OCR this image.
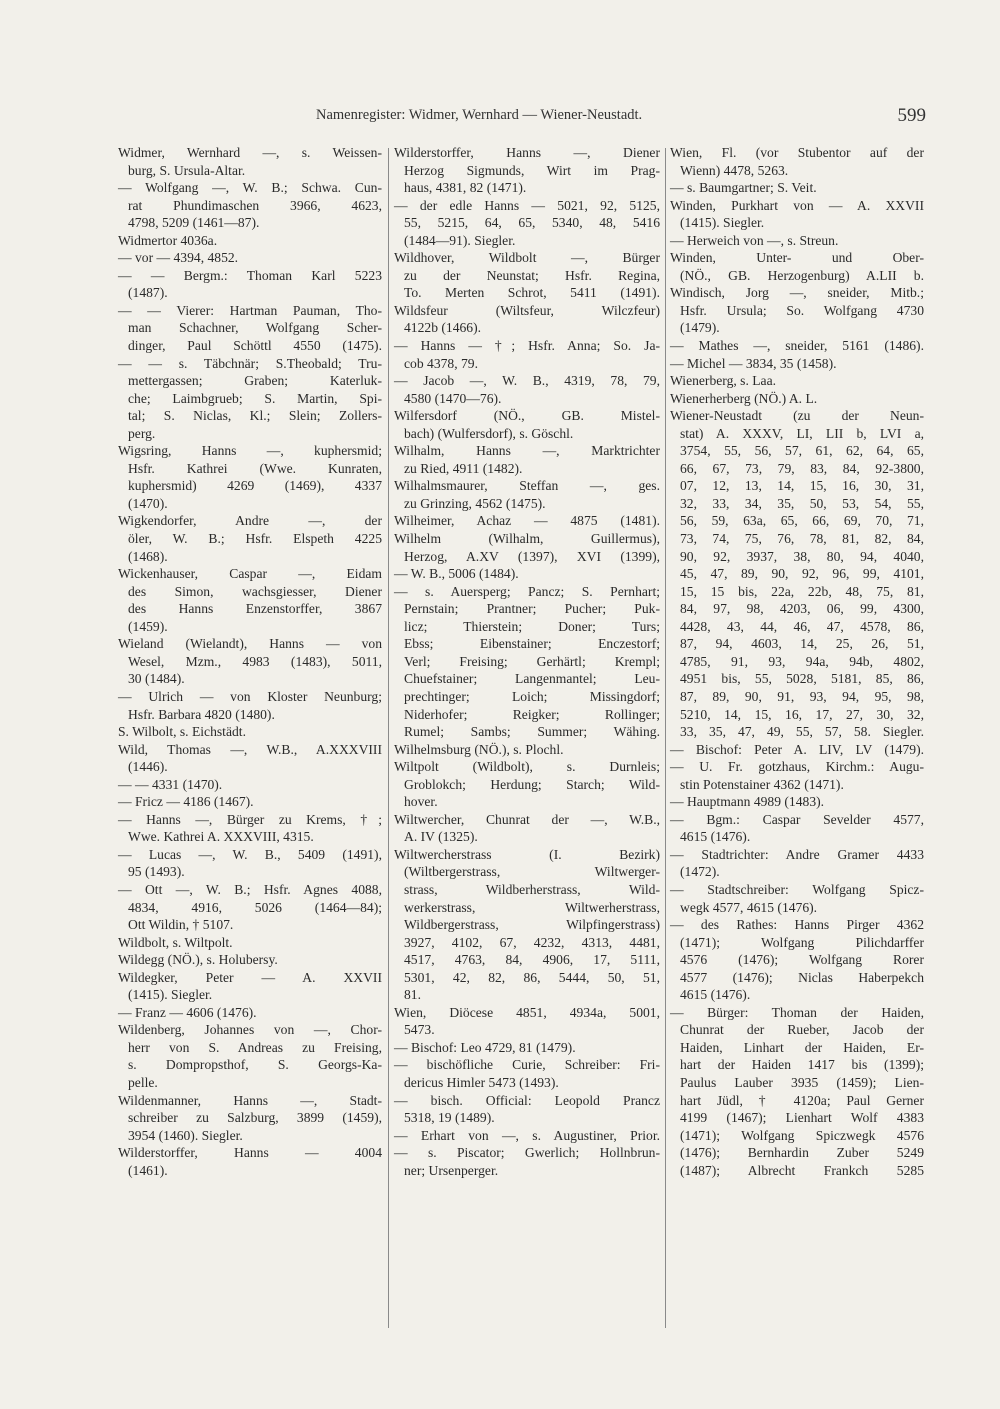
Namenregister: Widmer, Wernhard — Wiener-Neustadt.	599
Widmer, Wernhard —, s. Weissen-
burg, S. Ursula-Altar.
— Wolfgang —, W. B.; Schwa. Cun-
rat Phundimaschen 3966, 4623,
4798, 5209 (1461—87).
Widmertor 4036a.
— vor — 4394, 4852.
— — Bergm.: Thoman Karl 5223
(1487).
— — Vierer: Hartman Pauman, Tho-
man Schachner, Wolfgang Scher-
dinger, Paul Schöttl 4550 (1475).
— — s. Täbchnär; S.Theobald; Tru-
mettergassen; Graben; Katerluk-
che; Laimbgrueb; S. Martin, Spi-
tal; S. Niclas, Kl.; Slein; Zollers-
perg.
Wigsring, Hanns —, kuphersmid;
Hsfr. Kathrei (Wwe. Kunraten,
kuphersmid) 4269 (1469), 4337
(1470).
Wigkendorfer, Andre —, der
öler, W. B.; Hsfr. Elspeth 4225
(1468).
Wickenhauser, Caspar —, Eidam
des Simon, wachsgiesser, Diener
des Hanns Enzenstorffer, 3867
(1459).
Wieland (Wielandt), Hanns — von
Wesel, Mzm., 4983 (1483), 5011,
30 (1484).
— Ulrich — von Kloster Neunburg;
Hsfr. Barbara 4820 (1480).
S. Wilbolt, s. Eichstädt.
Wild, Thomas —, W.B., A.XXXVIII
(1446).
— — 4331 (1470).
— Fricz — 4186 (1467).
— Hanns —, Bürger zu Krems, †;
Wwe. Kathrei A. XXXVIII, 4315.
— Lucas —, W. B., 5409 (1491),
95 (1493).
— Ott —, W. B.; Hsfr. Agnes 4088,
4834, 4916, 5026 (1464—84);
Ott Wildin, † 5107.
Wildbolt, s. Wiltpolt.
Wildegg (NÖ.), s. Holubersy.
Wildegker, Peter — A. XXVII
(1415). Siegler.
— Franz — 4606 (1476).
Wildenberg, Johannes von —, Chor-
herr von S. Andreas zu Freising,
s. Dompropsthof, S. Georgs-Ka-
pelle.
Wildenmanner, Hanns —, Stadt-
schreiber zu Salzburg, 3899 (1459),
3954 (1460). Siegler.
Wilderstorffer, Hanns — 4004
(1461).
Wilderstorffer, Hanns —, Diener
Herzog Sigmunds, Wirt im Prag-
haus, 4381, 82 (1471).
— der edle Hanns — 5021, 92, 5125,
55, 5215, 64, 65, 5340, 48, 5416
(1484—91). Siegler.
Wildhover, Wildbolt —, Bürger
zu der Neunstat; Hsfr. Regina,
To. Merten Schrot, 5411 (1491).
Wildsfeur (Wiltsfeur, Wilczfeur)
4122b (1466).
— Hanns — †; Hsfr. Anna; So. Ja-
cob 4378, 79.
— Jacob —, W. B., 4319, 78, 79,
4580 (1470—76).
Wilfersdorf (NÖ., GB. Mistel-
bach) (Wulfersdorf), s. Göschl.
Wilhalm, Hanns —, Marktrichter
zu Ried, 4911 (1482).
Wilhalmsmaurer, Steffan —, ges.
zu Grinzing, 4562 (1475).
Wilheimer, Achaz — 4875 (1481).
Wilhelm (Wilhalm, Guillermus),
Herzog, A.XV (1397), XVI (1399),
— W. B., 5006 (1484).
— s. Auersperg; Pancz; S. Pernhart;
Pernstain; Prantner; Pucher; Puk-
licz; Thierstein; Doner; Turs;
Ebss; Eibenstainer; Enczestorf;
Verl; Freising; Gerhärtl; Krempl;
Chuefstainer; Langenmantel; Leu-
prechtinger; Loich; Missingdorf;
Niderhofer; Reigker; Rollinger;
Rumel; Sambs; Summer; Wähing.
Wilhelmsburg (NÖ.), s. Plochl.
Wiltpolt (Wildbolt), s. Durnleis;
Groblokch; Herdung; Starch; Wild-
hover.
Wiltwercher, Chunrat der —, W.B.,
A. IV (1325).
Wiltwercherstrass (I. Bezirk)
(Wiltbergerstrass, Wiltwerger-
strass, Wildberherstrass, Wild-
werkerstrass, Wiltwerherstrass,
Wildbergerstrass, Wilpfingerstrass)
3927, 4102, 67, 4232, 4313, 4481,
4517, 4763, 84, 4906, 17, 5111,
5301, 42, 82, 86, 5444, 50, 51,
81.
Wien, Diöcese 4851, 4934a, 5001,
5473.
— Bischof: Leo 4729, 81 (1479).
— bischöfliche Curie, Schreiber: Fri-
dericus Himler 5473 (1493).
— bisch. Official: Leopold Prancz
5318, 19 (1489).
— Erhart von —, s. Augustiner, Prior.
— s. Piscator; Gwerlich; Hollnbrun-
ner; Ursenperger.
Wien, Fl. (vor Stubentor auf der
Wienn) 4478, 5263.
— s. Baumgartner; S. Veit.
Winden, Purkhart von — A. XXVII
(1415). Siegler.
— Herweich von —, s. Streun.
Winden, Unter- und Ober-
(NÖ., GB. Herzogenburg) A.LII b.
Windisch, Jorg —, sneider, Mitb.;
Hsfr. Ursula; So. Wolfgang 4730
(1479).
— Mathes —, sneider, 5161 (1486).
— Michel — 3834, 35 (1458).
Wienerberg, s. Laa.
Wienerherberg (NÖ.) A. L.
Wiener-Neustadt (zu der Neun-
stat) A. XXXV, LI, LII b, LVI a,
3754, 55, 56, 57, 61, 62, 64, 65,
66, 67, 73, 79, 83, 84, 92-3800,
07, 12, 13, 14, 15, 16, 30, 31,
32, 33, 34, 35, 50, 53, 54, 55,
56, 59, 63a, 65, 66, 69, 70, 71,
73, 74, 75, 76, 78, 81, 82, 84,
90, 92, 3937, 38, 80, 94, 4040,
45, 47, 89, 90, 92, 96, 99, 4101,
15, 15 bis, 22a, 22b, 48, 75, 81,
84, 97, 98, 4203, 06, 99, 4300,
4428, 43, 44, 46, 47, 4578, 86,
87, 94, 4603, 14, 25, 26, 51,
4785, 91, 93, 94a, 94b, 4802,
4951 bis, 55, 5028, 5181, 85, 86,
87, 89, 90, 91, 93, 94, 95, 98,
5210, 14, 15, 16, 17, 27, 30, 32,
33, 35, 47, 49, 55, 57, 58. Siegler.
— Bischof: Peter A. LIV, LV (1479).
— U. Fr. gotzhaus, Kirchm.: Augu-
stin Potenstainer 4362 (1471).
— Hauptmann 4989 (1483).
— Bgm.: Caspar Sevelder 4577,
4615 (1476).
— Stadtrichter: Andre Gramer 4433
(1472).
— Stadtschreiber: Wolfgang Spicz-
wegk 4577, 4615 (1476).
— des Rathes: Hanns Pirger 4362
(1471); Wolfgang Pilichdarffer
4576 (1476); Wolfgang Rorer
4577 (1476); Niclas Haberpekch
4615 (1476).
— Bürger: Thoman der Haiden,
Chunrat der Rueber, Jacob der
Haiden, Linhart der Haiden, Er-
hart der Haiden 1417 bis (1399);
Paulus Lauber 3935 (1459); Lien-
hart Jüdl, † 4120a; Paul Gerner
4199 (1467); Lienhart Wolf 4383
(1471); Wolfgang Spiczwegk 4576
(1476); Bernhardin Zuber 5249
(1487); Albrecht Frankch 5285
